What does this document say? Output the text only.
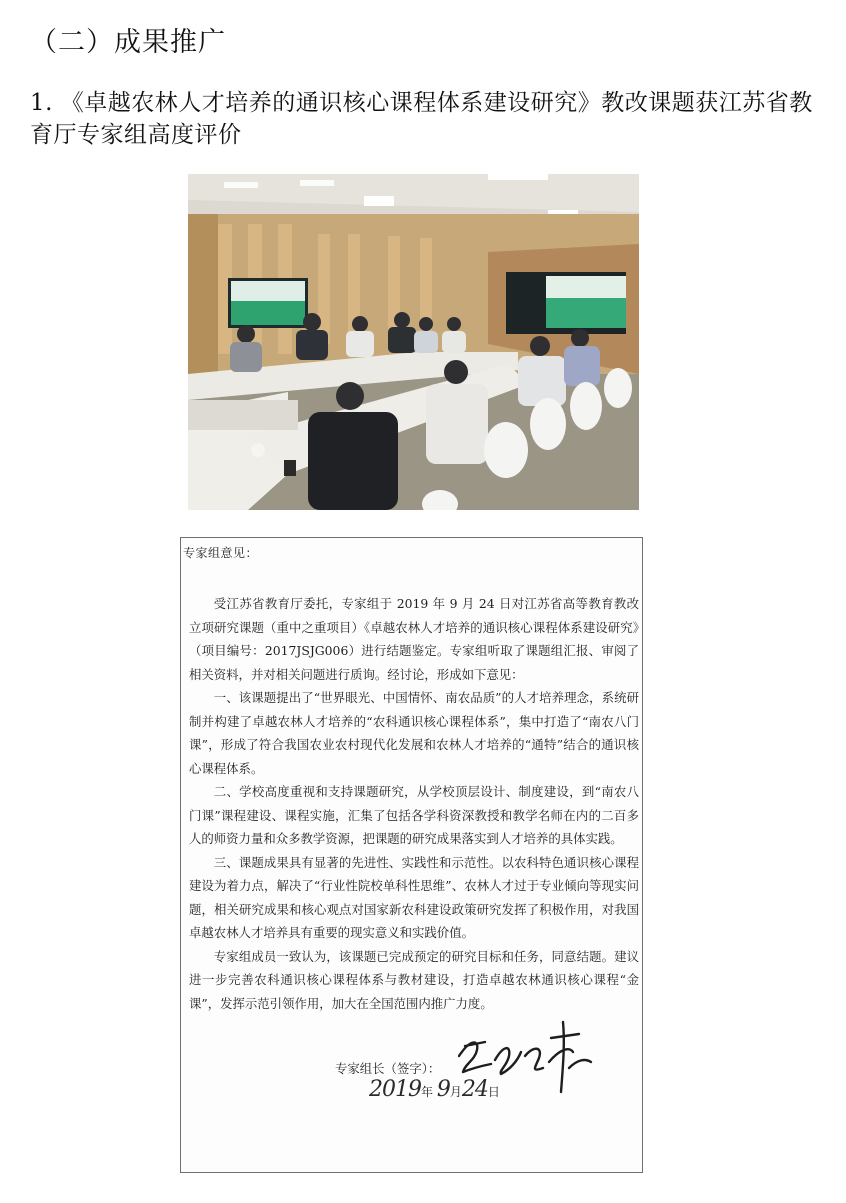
（二）成果推广
1. 《卓越农林人才培养的通识核心课程体系建设研究》教改课题获江苏省教育厅专家组高度评价
专家组意见：

受江苏省教育厅委托，专家组于 2019 年 9 月 24 日对江苏省高等教育教改立项研究课题（重中之重项目）《卓越农林人才培养的通识核心课程体系建设研究》（项目编号：2017JSJG006）进行结题鉴定。专家组听取了课题组汇报、审阅了相关资料，并对相关问题进行质询。经讨论，形成如下意见：

一、该课题提出了“世界眼光、中国情怀、南农品质”的人才培养理念，系统研制并构建了卓越农林人才培养的“农科通识核心课程体系”，集中打造了“南农八门课”，形成了符合我国农业农村现代化发展和农林人才培养的“通特”结合的通识核心课程体系。

二、学校高度重视和支持课题研究，从学校顶层设计、制度建设，到“南农八门课”课程建设、课程实施，汇集了包括各学科资深教授和教学名师在内的二百多人的师资力量和众多教学资源，把课题的研究成果落实到人才培养的具体实践。

三、课题成果具有显著的先进性、实践性和示范性。以农科特色通识核心课程建设为着力点，解决了“行业性院校单科性思维”、农林人才过于专业倾向等现实问题，相关研究成果和核心观点对国家新农科建设政策研究发挥了积极作用，对我国卓越农林人才培养具有重要的现实意义和实践价值。

专家组成员一致认为，该课题已完成预定的研究目标和任务，同意结题。建议进一步完善农科通识核心课程体系与教材建设，打造卓越农林通识核心课程“金课”，发挥示范引领作用，加大在全国范围内推广力度。

专家组长（签字）：
2019年 9月24日
